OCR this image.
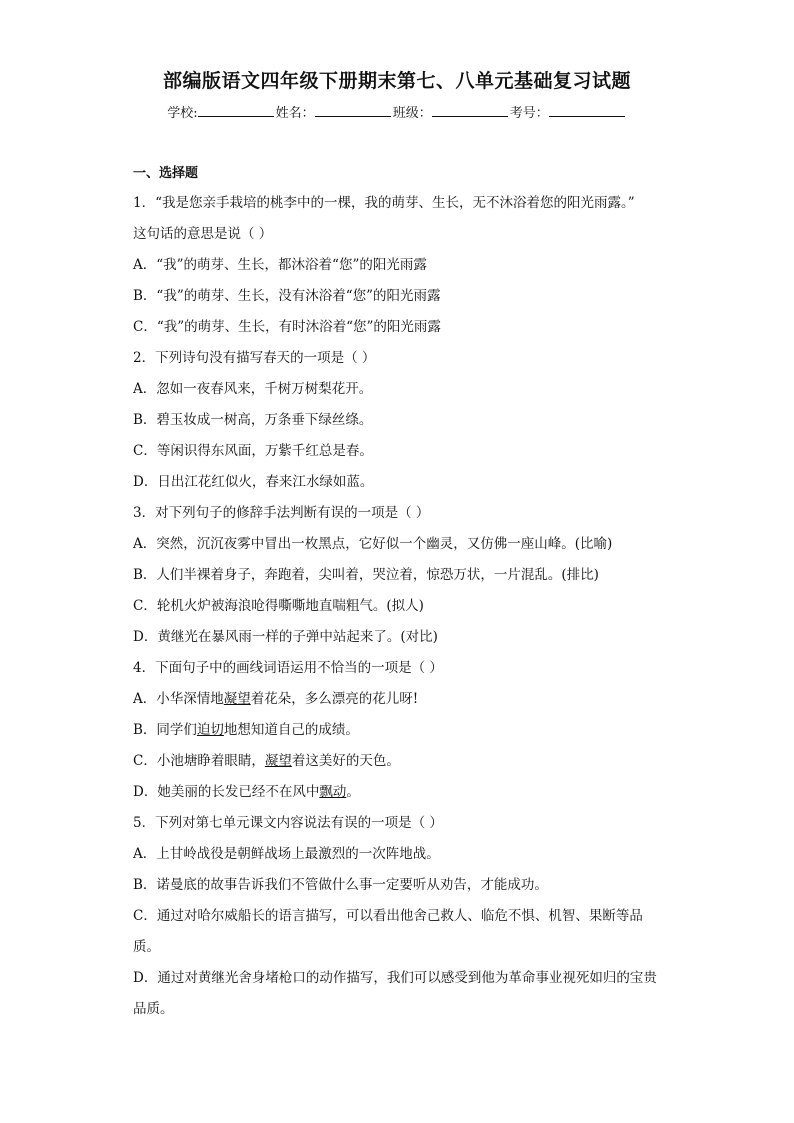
部编版语文四年级下册期末第七、八单元基础复习试题
学校:	姓名：	班级：	考号：
一、选择题
1．“我是您亲手栽培的桃李中的一棵，我的萌芽、生长，无不沐浴着您的阳光雨露。”
这句话的意思是说（ ）
A．“我”的萌芽、生长，都沐浴着“您”的阳光雨露
B．“我”的萌芽、生长，没有沐浴着“您”的阳光雨露
C．“我”的萌芽、生长，有时沐浴着“您”的阳光雨露
2．下列诗句没有描写春天的一项是（ ）
A．忽如一夜春风来，千树万树梨花开。
B．碧玉妆成一树高，万条垂下绿丝绦。
C．等闲识得东风面，万紫千红总是春。
D．日出江花红似火，春来江水绿如蓝。
3．对下列句子的修辞手法判断有误的一项是（ ）
A．突然，沉沉夜雾中冒出一枚黑点，它好似一个幽灵，又仿佛一座山峰。(比喻)
B．人们半裸着身子，奔跑着，尖叫着，哭泣着，惊恐万状，一片混乱。(排比)
C．轮机火炉被海浪呛得嘶嘶地直喘粗气。(拟人)
D．黄继光在暴风雨一样的子弹中站起来了。(对比)
4．下面句子中的画线词语运用不恰当的一项是（ ）
A．小华深情地凝望着花朵，多么漂亮的花儿呀!
B．同学们迫切地想知道自己的成绩。
C．小池塘睁着眼睛，凝望着这美好的天色。
D．她美丽的长发已经不在风中飘动。
5．下列对第七单元课文内容说法有误的一项是（ ）
A．上甘岭战役是朝鲜战场上最激烈的一次阵地战。
B．诺曼底的故事告诉我们不管做什么事一定要听从劝告，才能成功。
C．通过对哈尔威船长的语言描写，可以看出他舍己救人、临危不惧、机智、果断等品质。
D．通过对黄继光舍身堵枪口的动作描写，我们可以感受到他为革命事业视死如归的宝贵品质。
